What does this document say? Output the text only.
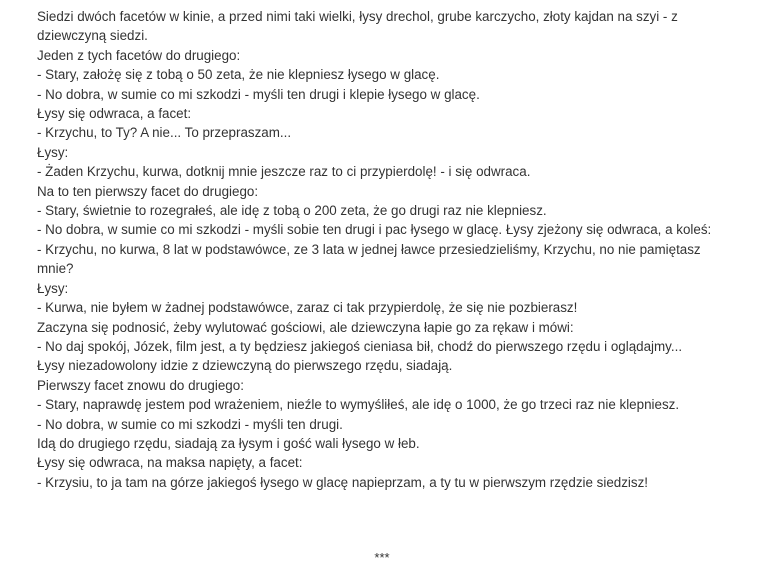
Siedzi dwóch facetów w kinie, a przed nimi taki wielki, łysy drechol, grube karczycho, złoty kajdan na szyi - z dziewczyną siedzi.

Jeden z tych facetów do drugiego:

- Stary, założę się z tobą o 50 zeta, że nie klepniesz łysego w glacę.

- No dobra, w sumie co mi szkodzi - myśli ten drugi i klepie łysego w glacę.

Łysy się odwraca, a facet:

- Krzychu, to Ty? A nie... To przepraszam...

Łysy:

- Żaden Krzychu, kurwa, dotknij mnie jeszcze raz to ci przypierdolę! - i się odwraca.

Na to ten pierwszy facet do drugiego:

- Stary, świetnie to rozegrałeś, ale idę z tobą o 200 zeta, że go drugi raz nie klepniesz.

- No dobra, w sumie co mi szkodzi - myśli sobie ten drugi i pac łysego w glacę. Łysy zjeżony się odwraca, a koleś:

- Krzychu, no kurwa, 8 lat w podstawówce, ze 3 lata w jednej ławce przesiedzieliśmy, Krzychu, no nie pamiętasz mnie?

Łysy:

- Kurwa, nie byłem w żadnej podstawówce, zaraz ci tak przypierdolę, że się nie pozbierasz!

Zaczyna się podnosić, żeby wylutować gościowi, ale dziewczyna łapie go za rękaw i mówi:

- No daj spokój, Józek, film jest, a ty będziesz jakiegoś cieniasa bił, chodź do pierwszego rzędu i oglądajmy...

Łysy niezadowolony idzie z dziewczyną do pierwszego rzędu, siadają.

Pierwszy facet znowu do drugiego:

- Stary, naprawdę jestem pod wrażeniem, nieźle to wymyśliłeś, ale idę o 1000, że go trzeci raz nie klepniesz.

- No dobra, w sumie co mi szkodzi - myśli ten drugi.

Idą do drugiego rzędu, siadają za łysym i gość wali łysego w łeb.

Łysy się odwraca, na maksa napięty, a facet:

- Krzysiu, to ja tam na górze jakiegoś łysego w glacę napieprzam, a ty tu w pierwszym rzędzie siedzisz!

***
